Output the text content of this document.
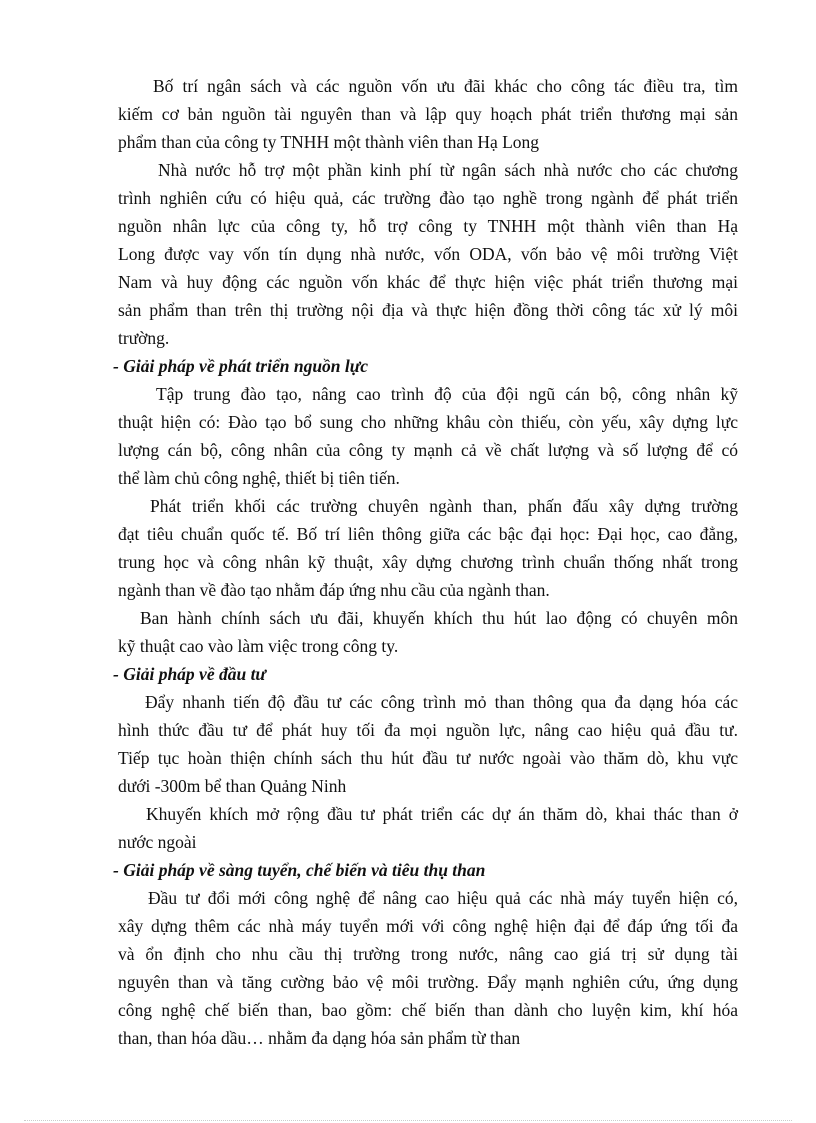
Bố trí ngân sách và các nguồn vốn ưu đãi khác cho công tác điều tra, tìm
kiếm cơ bản nguồn tài nguyên than và lập quy hoạch phát triển thương mại sản
phẩm than của công ty TNHH một thành viên than Hạ Long
Nhà nước hỗ trợ một phần kinh phí từ ngân sách nhà nước cho các chương
trình nghiên cứu có hiệu quả, các trường đào tạo nghề trong ngành để phát triển
nguồn nhân lực của công ty, hỗ trợ công ty TNHH một thành viên than Hạ
Long được vay vốn tín dụng nhà nước, vốn ODA, vốn bảo vệ môi trường Việt
Nam và huy động các nguồn vốn khác để thực hiện việc phát triển thương mại
sản phẩm than trên thị trường nội địa và thực hiện đồng thời công tác xử lý môi
trường.
- Giải pháp về phát triển nguồn lực
Tập trung đào tạo, nâng cao trình độ của đội ngũ cán bộ, công nhân kỹ
thuật hiện có: Đào tạo bổ sung cho những khâu còn thiếu, còn yếu, xây dựng lực
lượng cán bộ, công nhân của công ty mạnh cả về chất lượng và số lượng để có
thể làm chủ công nghệ, thiết bị tiên tiến.
Phát triển khối các trường chuyên ngành than, phấn đấu xây dựng trường
đạt tiêu chuẩn quốc tế. Bố trí liên thông giữa các bậc đại học: Đại học, cao đẳng,
trung học và công nhân kỹ thuật, xây dựng chương trình chuẩn thống nhất trong
ngành than về đào tạo nhằm đáp ứng nhu cầu của ngành than.
Ban hành chính sách ưu đãi, khuyến khích thu hút lao động có chuyên môn
kỹ thuật cao vào làm việc trong công ty.
- Giải pháp về đầu tư
Đẩy nhanh tiến độ đầu tư các công trình mỏ than thông qua đa dạng hóa các
hình thức đầu tư để phát huy tối đa mọi nguồn lực, nâng cao hiệu quả đầu tư.
Tiếp tục hoàn thiện chính sách thu hút đầu tư nước ngoài vào thăm dò, khu vực
dưới -300m bể than Quảng Ninh
Khuyến khích mở rộng đầu tư phát triển các dự án thăm dò, khai thác than ở
nước ngoài
- Giải pháp về sàng tuyển, chế biến và tiêu thụ than
Đầu tư đổi mới công nghệ để nâng cao hiệu quả các nhà máy tuyển hiện có,
xây dựng thêm các nhà máy tuyển mới với công nghệ hiện đại để đáp ứng tối đa
và ổn định cho nhu cầu thị trường trong nước, nâng cao giá trị sử dụng tài
nguyên than và tăng cường bảo vệ môi trường. Đẩy mạnh nghiên cứu, ứng dụng
công nghệ chế biến than, bao gồm: chế biến than dành cho luyện kim, khí hóa
than, than hóa dầu… nhằm đa dạng hóa sản phẩm từ than
